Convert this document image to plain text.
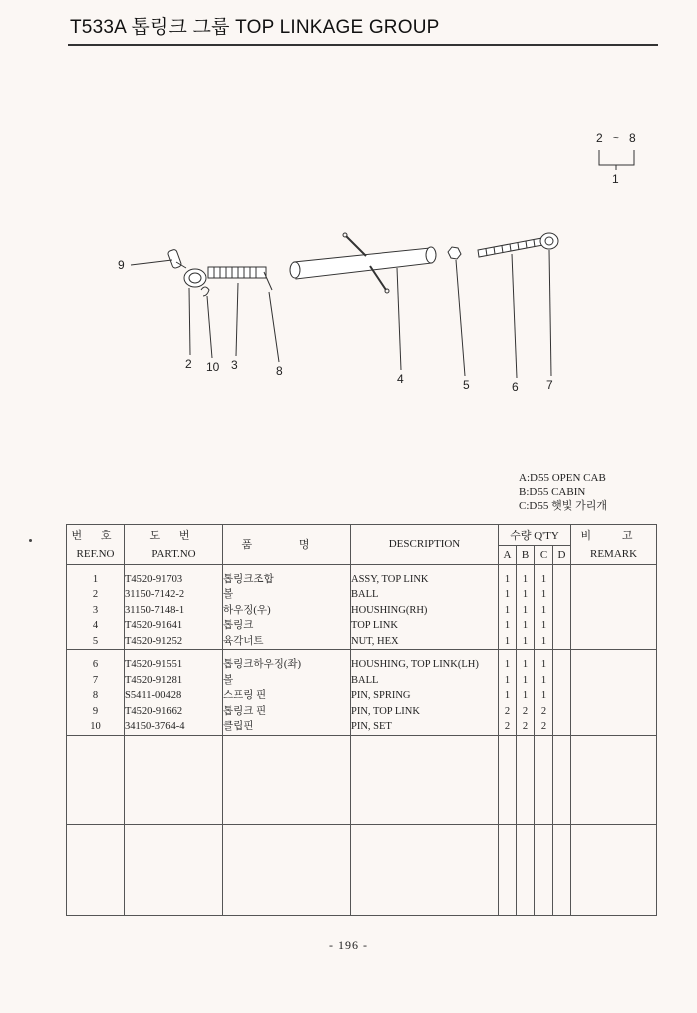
T533A 톱링크 그룹 TOP LINKAGE GROUP
2 ~ 8
1
9
2 10 3	8
4	5	6 7
A:D55 OPEN CAB
B:D55 CABIN
C:D55 햇빛 가리개
번 호	도 번	품 명	DESCRIPTION	수량 Q'TY				비 고
REF.NO	PART.NO			A	B	C	D	REMARK

1	T4520-91703	톱링크조합	ASSY, TOP LINK	1	1	1		
2	31150-7142-2	볼	BALL	1	1	1		
3	31150-7148-1	하우징(우)	HOUSHING(RH)	1	1	1		
4	T4520-91641	톱링크	TOP LINK	1	1	1		
5	T4520-91252	육각너트	NUT, HEX	1	1	1		

6	T4520-91551	톱링크하우징(좌)	HOUSHING, TOP LINK(LH)	1	1	1		
7	T4520-91281	볼	BALL	1	1	1		
8	S5411-00428	스프링 핀	PIN, SPRING	1	1	1		
9	T4520-91662	톱링크 핀	PIN, TOP LINK	2	2	2		
10	34150-3764-4	클립핀	PIN, SET	2	2	2		

- 196 -
